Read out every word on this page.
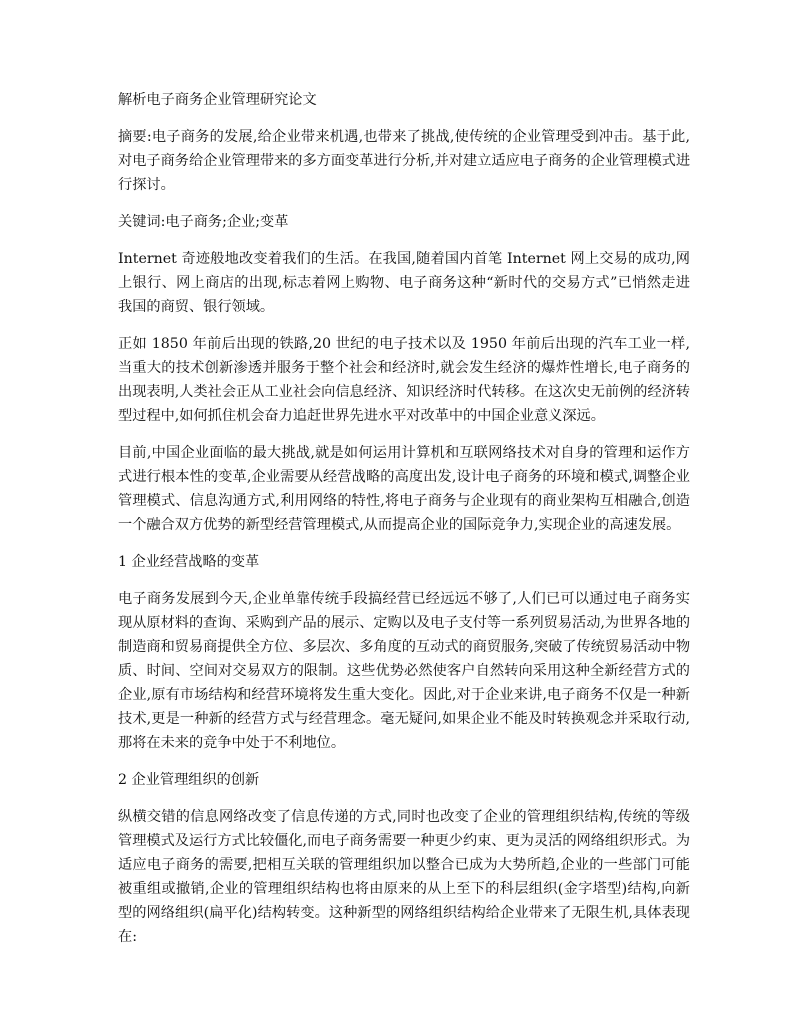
解析电子商务企业管理研究论文
摘要:电子商务的发展,给企业带来机遇,也带来了挑战,使传统的企业管理受到冲击。基于此,对电子商务给企业管理带来的多方面变革进行分析,并对建立适应电子商务的企业管理模式进行探讨。
关键词:电子商务;企业;变革
Internet 奇迹般地改变着我们的生活。在我国,随着国内首笔 Internet 网上交易的成功,网上银行、网上商店的出现,标志着网上购物、电子商务这种“新时代的交易方式”已悄然走进我国的商贸、银行领域。
正如 1850 年前后出现的铁路,20 世纪的电子技术以及 1950 年前后出现的汽车工业一样,当重大的技术创新渗透并服务于整个社会和经济时,就会发生经济的爆炸性增长,电子商务的出现表明,人类社会正从工业社会向信息经济、知识经济时代转移。在这次史无前例的经济转型过程中,如何抓住机会奋力追赶世界先进水平对改革中的中国企业意义深远。
目前,中国企业面临的最大挑战,就是如何运用计算机和互联网络技术对自身的管理和运作方式进行根本性的变革,企业需要从经营战略的高度出发,设计电子商务的环境和模式,调整企业管理模式、信息沟通方式,利用网络的特性,将电子商务与企业现有的商业架构互相融合,创造一个融合双方优势的新型经营管理模式,从而提高企业的国际竞争力,实现企业的高速发展。
1 企业经营战略的变革
电子商务发展到今天,企业单靠传统手段搞经营已经远远不够了,人们已可以通过电子商务实现从原材料的查询、采购到产品的展示、定购以及电子支付等一系列贸易活动,为世界各地的制造商和贸易商提供全方位、多层次、多角度的互动式的商贸服务,突破了传统贸易活动中物质、时间、空间对交易双方的限制。这些优势必然使客户自然转向采用这种全新经营方式的企业,原有市场结构和经营环境将发生重大变化。因此,对于企业来讲,电子商务不仅是一种新技术,更是一种新的经营方式与经营理念。毫无疑问,如果企业不能及时转换观念并采取行动,那将在未来的竞争中处于不利地位。
2 企业管理组织的创新
纵横交错的信息网络改变了信息传递的方式,同时也改变了企业的管理组织结构,传统的等级管理模式及运行方式比较僵化,而电子商务需要一种更少约束、更为灵活的网络组织形式。为适应电子商务的需要,把相互关联的管理组织加以整合已成为大势所趋,企业的一些部门可能被重组或撤销,企业的管理组织结构也将由原来的从上至下的科层组织(金字塔型)结构,向新型的网络组织(扁平化)结构转变。这种新型的网络组织结构给企业带来了无限生机,具体表现在:
